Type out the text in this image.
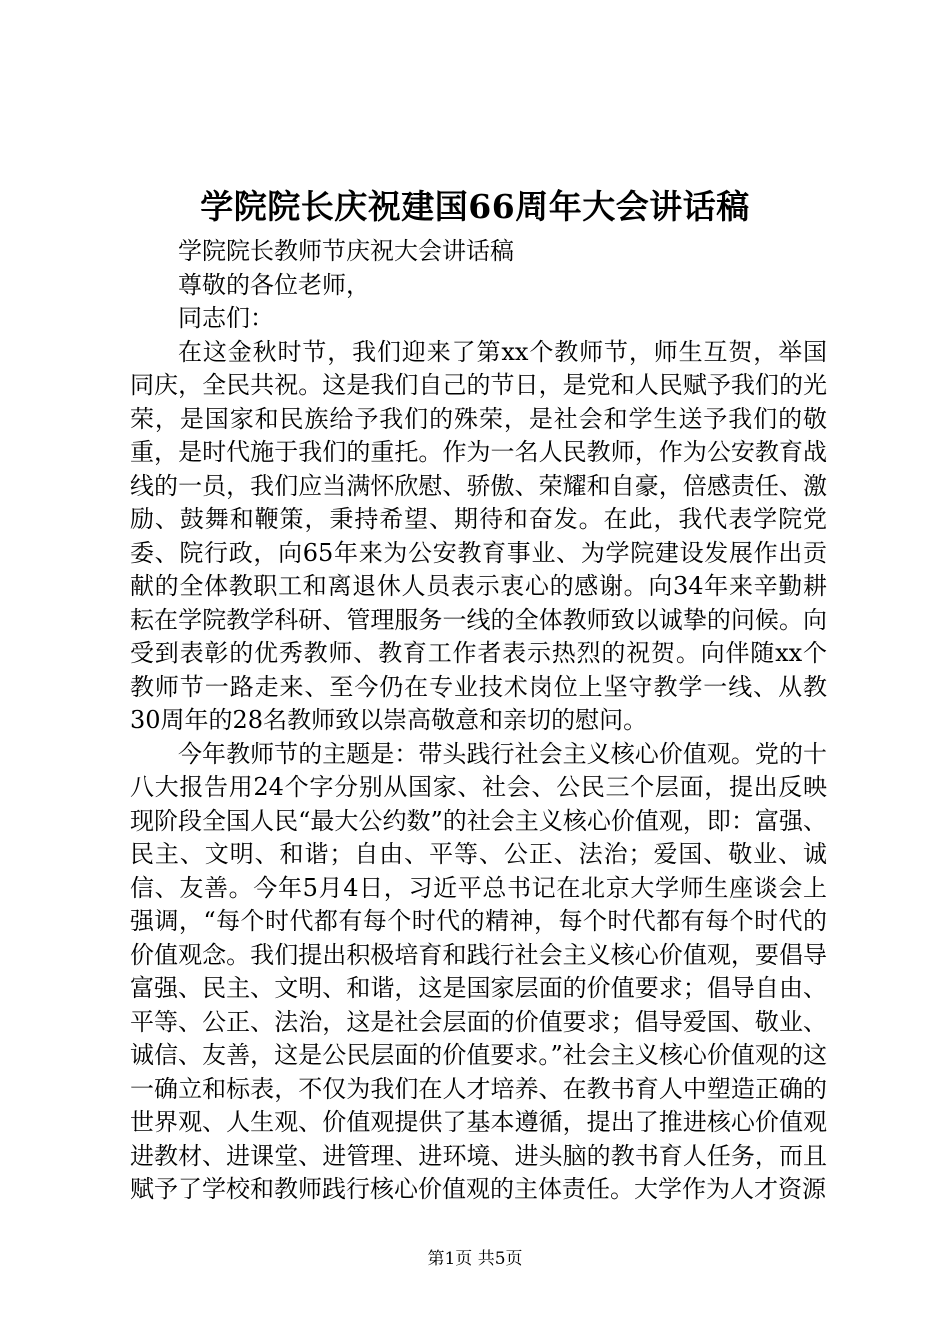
学院院长庆祝建国66周年大会讲话稿

学院院长教师节庆祝大会讲话稿

尊敬的各位老师，

同志们：

在这金秋时节，我们迎来了第xx个教师节，师生互贺，举国同庆，全民共祝。这是我们自己的节日，是党和人民赋予我们的光荣，是国家和民族给予我们的殊荣，是社会和学生送予我们的敬重，是时代施于我们的重托。作为一名人民教师，作为公安教育战线的一员，我们应当满怀欣慰、骄傲、荣耀和自豪，倍感责任、激励、鼓舞和鞭策，秉持希望、期待和奋发。在此，我代表学院党委、院行政，向65年来为公安教育事业、为学院建设发展作出贡献的全体教职工和离退休人员表示衷心的感谢。向34年来辛勤耕耘在学院教学科研、管理服务一线的全体教师致以诚挚的问候。向受到表彰的优秀教师、教育工作者表示热烈的祝贺。向伴随xx个教师节一路走来、至今仍在专业技术岗位上坚守教学一线、从教30周年的28名教师致以崇高敬意和亲切的慰问。

今年教师节的主题是：带头践行社会主义核心价值观。党的十八大报告用24个字分别从国家、社会、公民三个层面，提出反映现阶段全国人民“最大公约数”的社会主义核心价值观，即：富强、民主、文明、和谐；自由、平等、公正、法治；爱国、敬业、诚信、友善。今年5月4日，习近平总书记在北京大学师生座谈会上强调，“每个时代都有每个时代的精神，每个时代都有每个时代的价值观念。我们提出积极培育和践行社会主义核心价值观，要倡导富强、民主、文明、和谐，这是国家层面的价值要求；倡导自由、平等、公正、法治，这是社会层面的价值要求；倡导爱国、敬业、诚信、友善，这是公民层面的价值要求。”社会主义核心价值观的这一确立和标表，不仅为我们在人才培养、在教书育人中塑造正确的世界观、人生观、价值观提供了基本遵循，提出了推进核心价值观进教材、进课堂、进管理、进环境、进头脑的教书育人任务，而且赋予了学校和教师践行核心价值观的主体责任。大学作为人才资源

第1页 共5页
